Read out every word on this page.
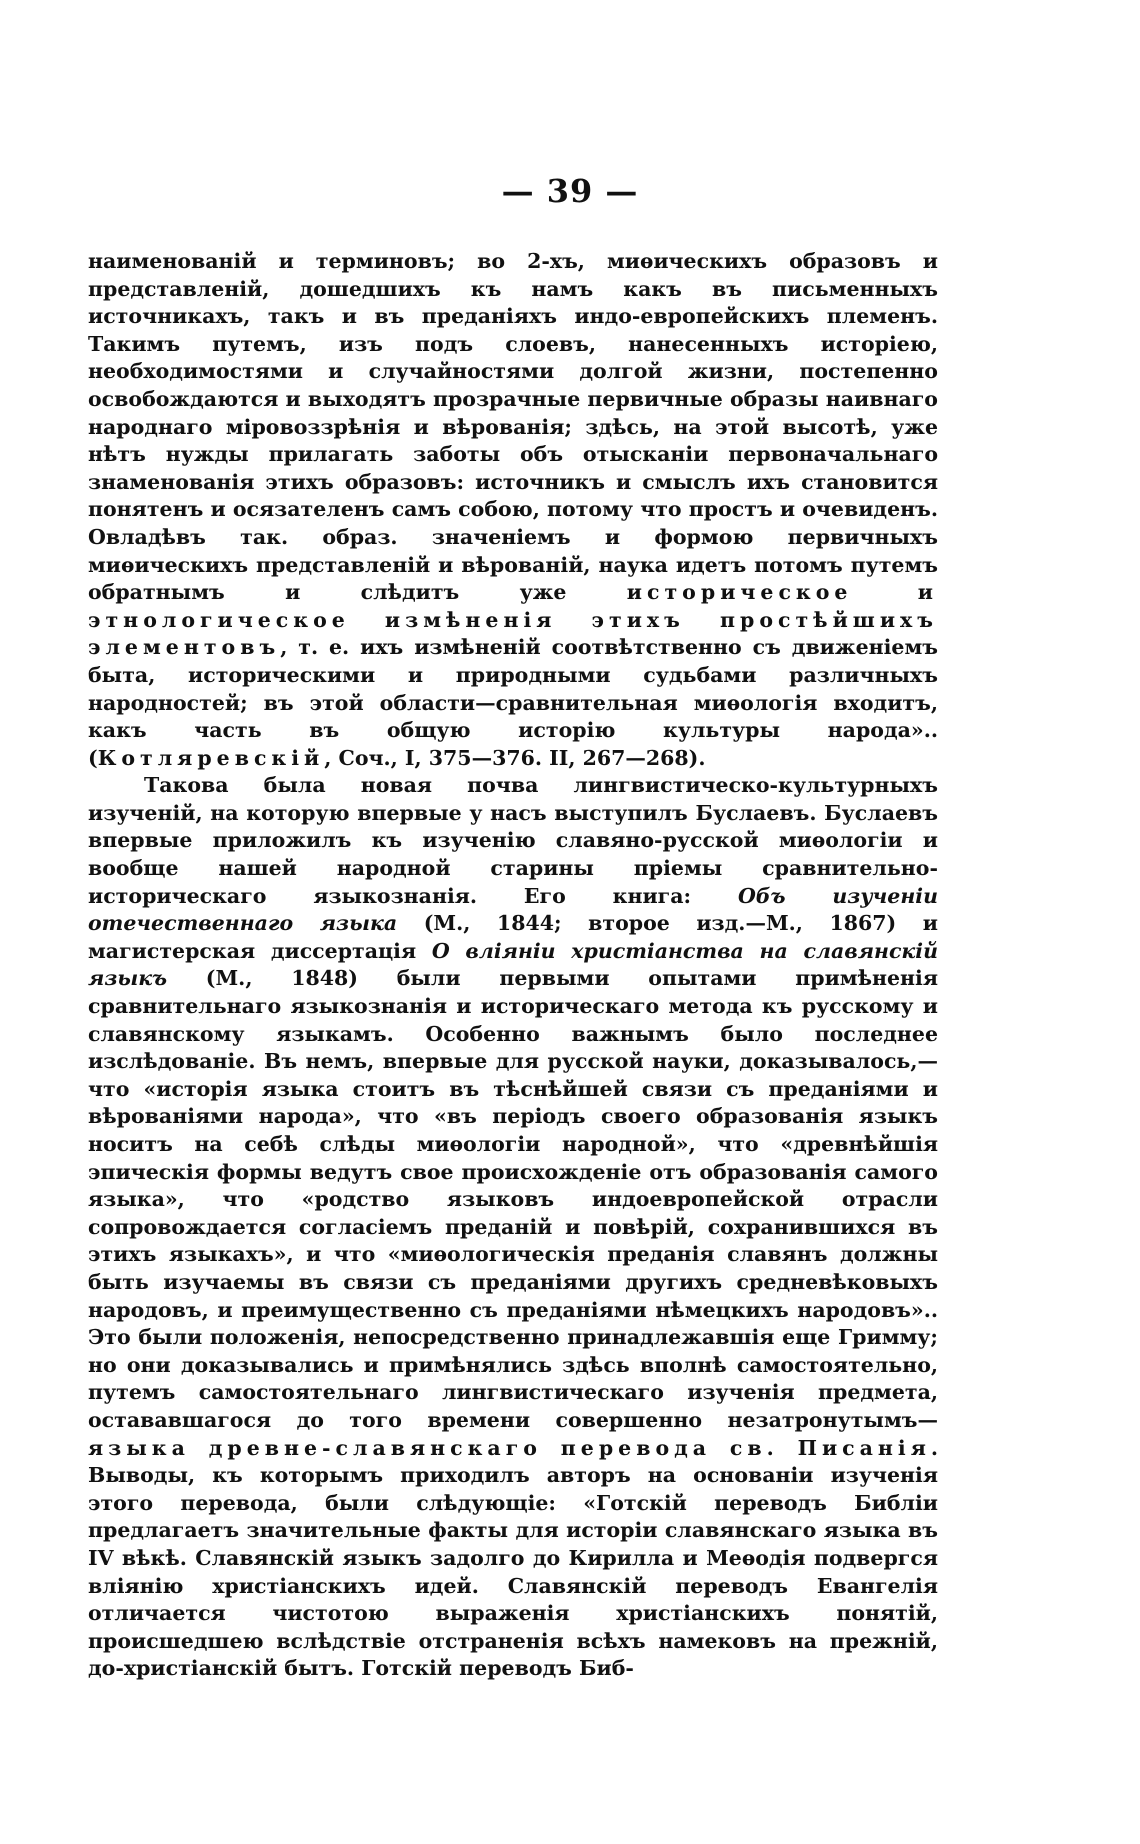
— 39 —

наименованій и терминовъ; во 2-хъ, миѳическихъ образовъ и представленій, дошедшихъ къ намъ какъ въ письменныхъ источникахъ, такъ и въ преданіяхъ индо-европейскихъ племенъ. Такимъ путемъ, изъ подъ слоевъ, нанесенныхъ исторіею, необходимостями и случайностями долгой жизни, постепенно освобождаются и выходятъ прозрачные первичные образы наивнаго народнаго міровоззрѣнія и вѣрованія; здѣсь, на этой высотѣ, уже нѣтъ нужды прилагать заботы объ отысканіи первоначальнаго знаменованія этихъ образовъ: источникъ и смыслъ ихъ становится понятенъ и осязателенъ самъ собою, потому что простъ и очевиденъ. Овладѣвъ так. образ. значеніемъ и формою первичныхъ миѳическихъ представленій и вѣрованій, наука идетъ потомъ путемъ обратнымъ и слѣдитъ уже историческое и этнологическое измѣненія этихъ простѣйшихъ элементовъ, т. е. ихъ измѣненій соотвѣтственно съ движеніемъ быта, историческими и природными судьбами различныхъ народностей; въ этой области—сравнительная миѳологія входитъ, какъ часть въ общую исторію культуры народа».. (Котляревскій, Соч., I, 375—376. II, 267—268).

Такова была новая почва лингвистическо-культурныхъ изученій, на которую впервые у насъ выступилъ Буслаевъ. Буслаевъ впервые приложилъ къ изученію славяно-русской миѳологіи и вообще нашей народной старины пріемы сравнительно-историческаго языкознанія. Его книга: Объ изученіи отечественнаго языка (М., 1844; второе изд.—М., 1867) и магистерская диссертація О вліяніи христіанства на славянскій языкъ (М., 1848) были первыми опытами примѣненія сравнительнаго языкознанія и историческаго метода къ русскому и славянскому языкамъ. Особенно важнымъ было последнее изслѣдованіе. Въ немъ, впервые для русской науки, доказывалось,— что «исторія языка стоитъ въ тѣснѣйшей связи съ преданіями и вѣрованіями народа», что «въ періодъ своего образованія языкъ носитъ на себѣ слѣды миѳологіи народной», что «древнѣйшія эпическія формы ведутъ свое происхожденіе отъ образованія самого языка», что «родство языковъ индоевропейской отрасли сопровождается согласіемъ преданій и повѣрій, сохранившихся въ этихъ языкахъ», и что «миѳологическія преданія славянъ должны быть изучаемы въ связи съ преданіями другихъ средневѣковыхъ народовъ, и преимущественно съ преданіями нѣмецкихъ народовъ».. Это были положенія, непосредственно принадлежавшія еще Гримму; но они доказывались и примѣнялись здѣсь вполнѣ самостоятельно, путемъ самостоятельнаго лингвистическаго изученія предмета, остававшагося до того времени совершенно незатронутымъ—языка древне-славянскаго перевода св. Писанія. Выводы, къ которымъ приходилъ авторъ на основаніи изученія этого перевода, были слѣдующіе: «Готскій переводъ Библіи предлагаетъ значительные факты для исторіи славянскаго языка въ IV вѣкѣ. Славянскій языкъ задолго до Кирилла и Меѳодія подвергся вліянію христіанскихъ идей. Славянскій переводъ Евангелія отличается чистотою выраженія христіанскихъ понятій, происшедшею вслѣдствіе отстраненія всѣхъ намековъ на прежній, до-христіанскій бытъ. Готскій переводъ Биб-
